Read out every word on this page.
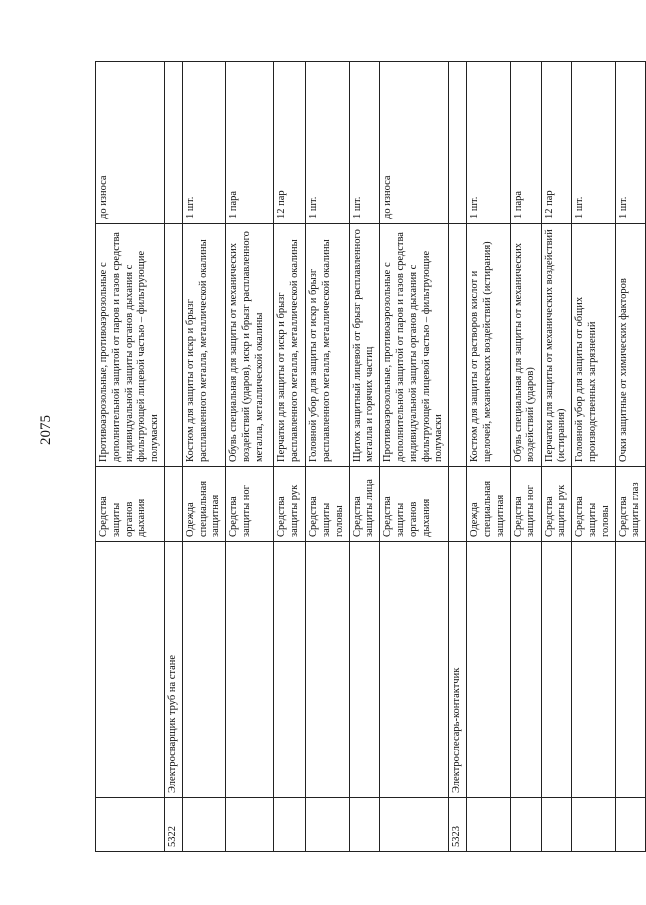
2075
		Средства защиты органов дыхания	Противоаэрозольные, противоаэрозольные с дополнительной защитой от паров и газов средства индивидуальной защиты органов дыхания с фильтрующей лицевой частью – фильтрующие полумаски	до износа
5322	Электросварщик труб на стане			
		Одежда специальная защитная	Костюм для защиты от искр и брызг расплавленного металла, металлической окалины	1 шт.
		Средства защиты ног	Обувь специальная для защиты от механических воздействий (ударов), искр и брызг расплавленного металла, металлической окалины	1 пара
		Средства защиты рук	Перчатки для защиты от искр и брызг расплавленного металла, металлической окалины	12 пар
		Средства защиты головы	Головной убор для защиты от искр и брызг расплавленного металла, металлической окалины	1 шт.
		Средства защиты лица	Щиток защитный лицевой от брызг расплавленного металла и горячих частиц	1 шт.
		Средства защиты органов дыхания	Противоаэрозольные, противоаэрозольные с дополнительной защитой от паров и газов средства индивидуальной защиты органов дыхания с фильтрующей лицевой частью – фильтрующие полумаски	до износа
5323	Электрослесарь-контактчик			
		Одежда специальная защитная	Костюм для защиты от растворов кислот и щелочей, механических воздействий (истирания)	1 шт.
		Средства защиты ног	Обувь специальная для защиты от механических воздействий (ударов)	1 пара
		Средства защиты рук	Перчатки для защиты от механических воздействий (истирания)	12 пар
		Средства защиты головы	Головной убор для защиты от общих производственных загрязнений	1 шт.
		Средства защиты глаз	Очки защитные от химических факторов	1 шт.
